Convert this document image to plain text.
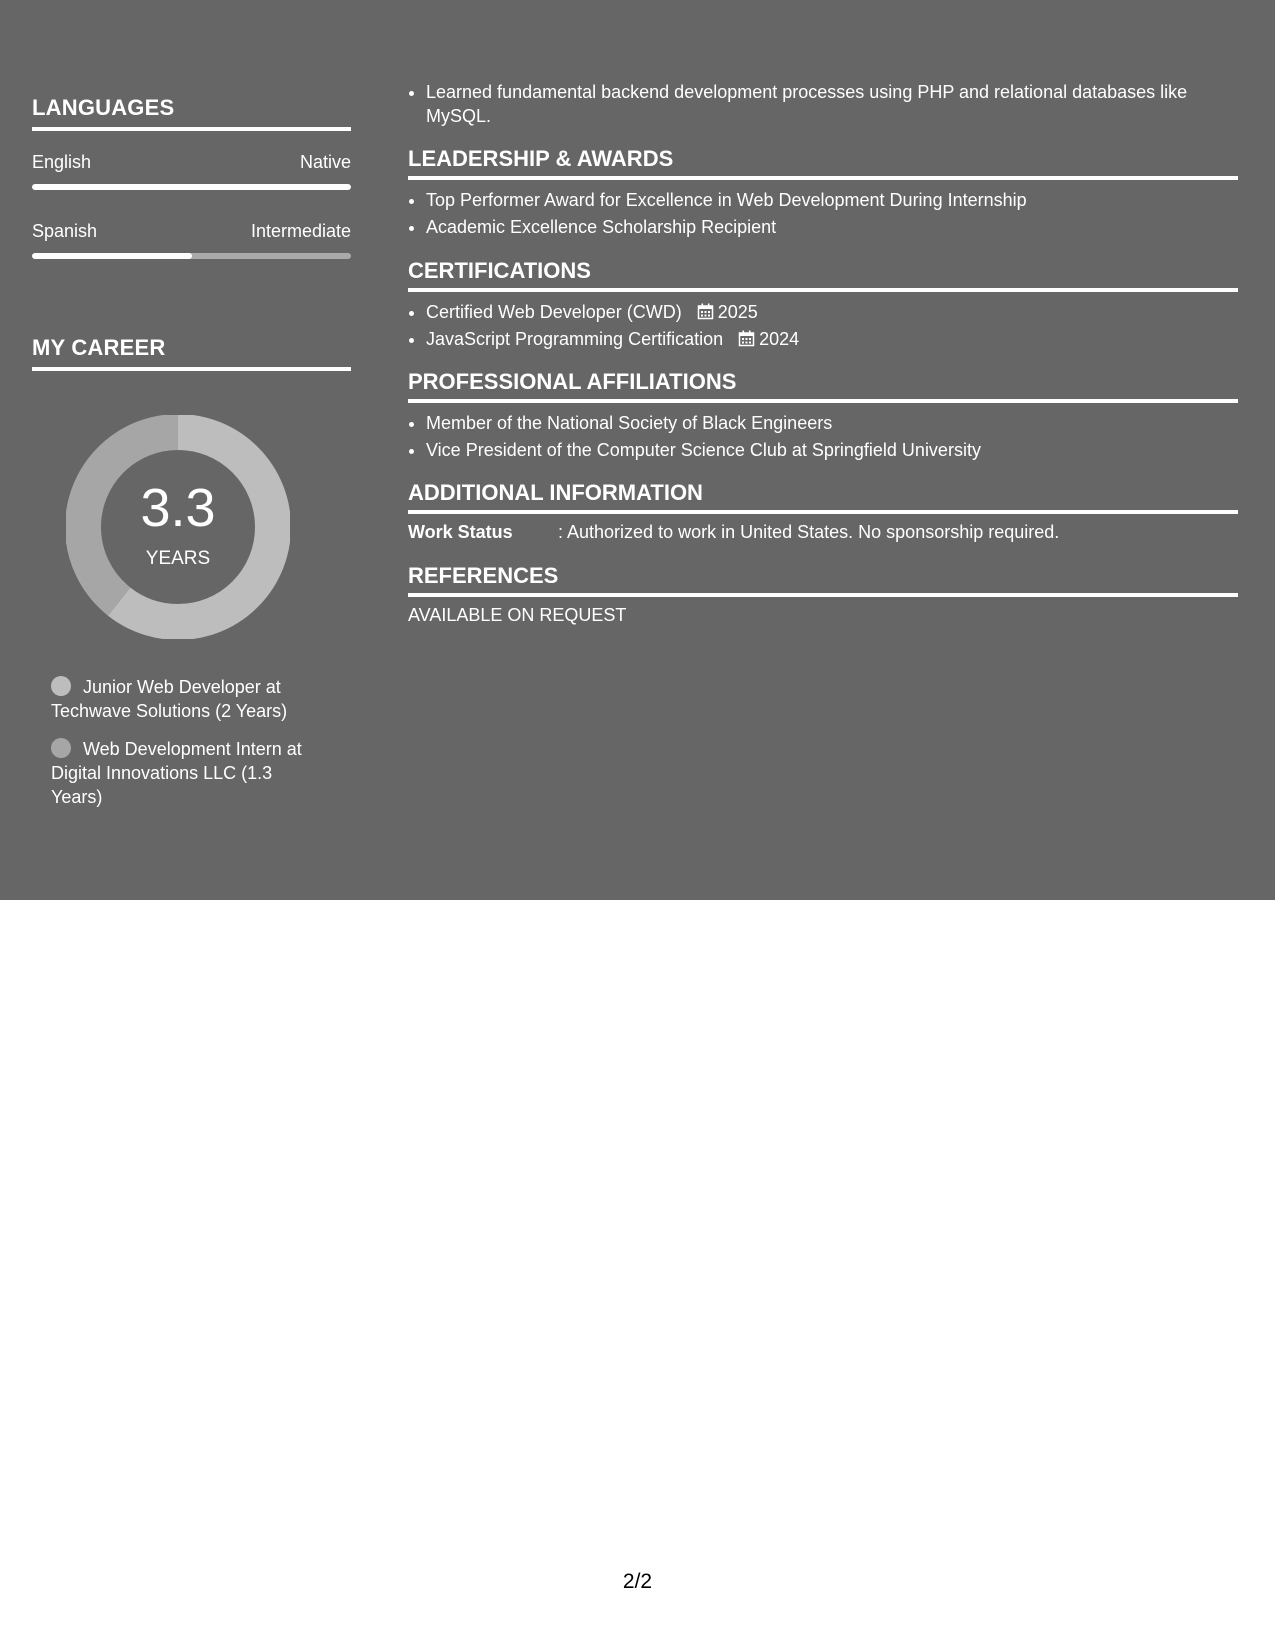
LANGUAGES
English	Native
Spanish	Intermediate
MY CAREER
3.3
YEARS
Junior Web Developer at Techwave Solutions (2 Years)
Web Development Intern at Digital Innovations LLC (1.3 Years)
• Learned fundamental backend development processes using PHP and relational databases like MySQL.
LEADERSHIP & AWARDS
• Top Performer Award for Excellence in Web Development During Internship
• Academic Excellence Scholarship Recipient
CERTIFICATIONS
• Certified Web Developer (CWD) 2025
• JavaScript Programming Certification 2024
PROFESSIONAL AFFILIATIONS
• Member of the National Society of Black Engineers
• Vice President of the Computer Science Club at Springfield University
ADDITIONAL INFORMATION
Work Status	: Authorized to work in United States. No sponsorship required.
REFERENCES
AVAILABLE ON REQUEST
2/2
